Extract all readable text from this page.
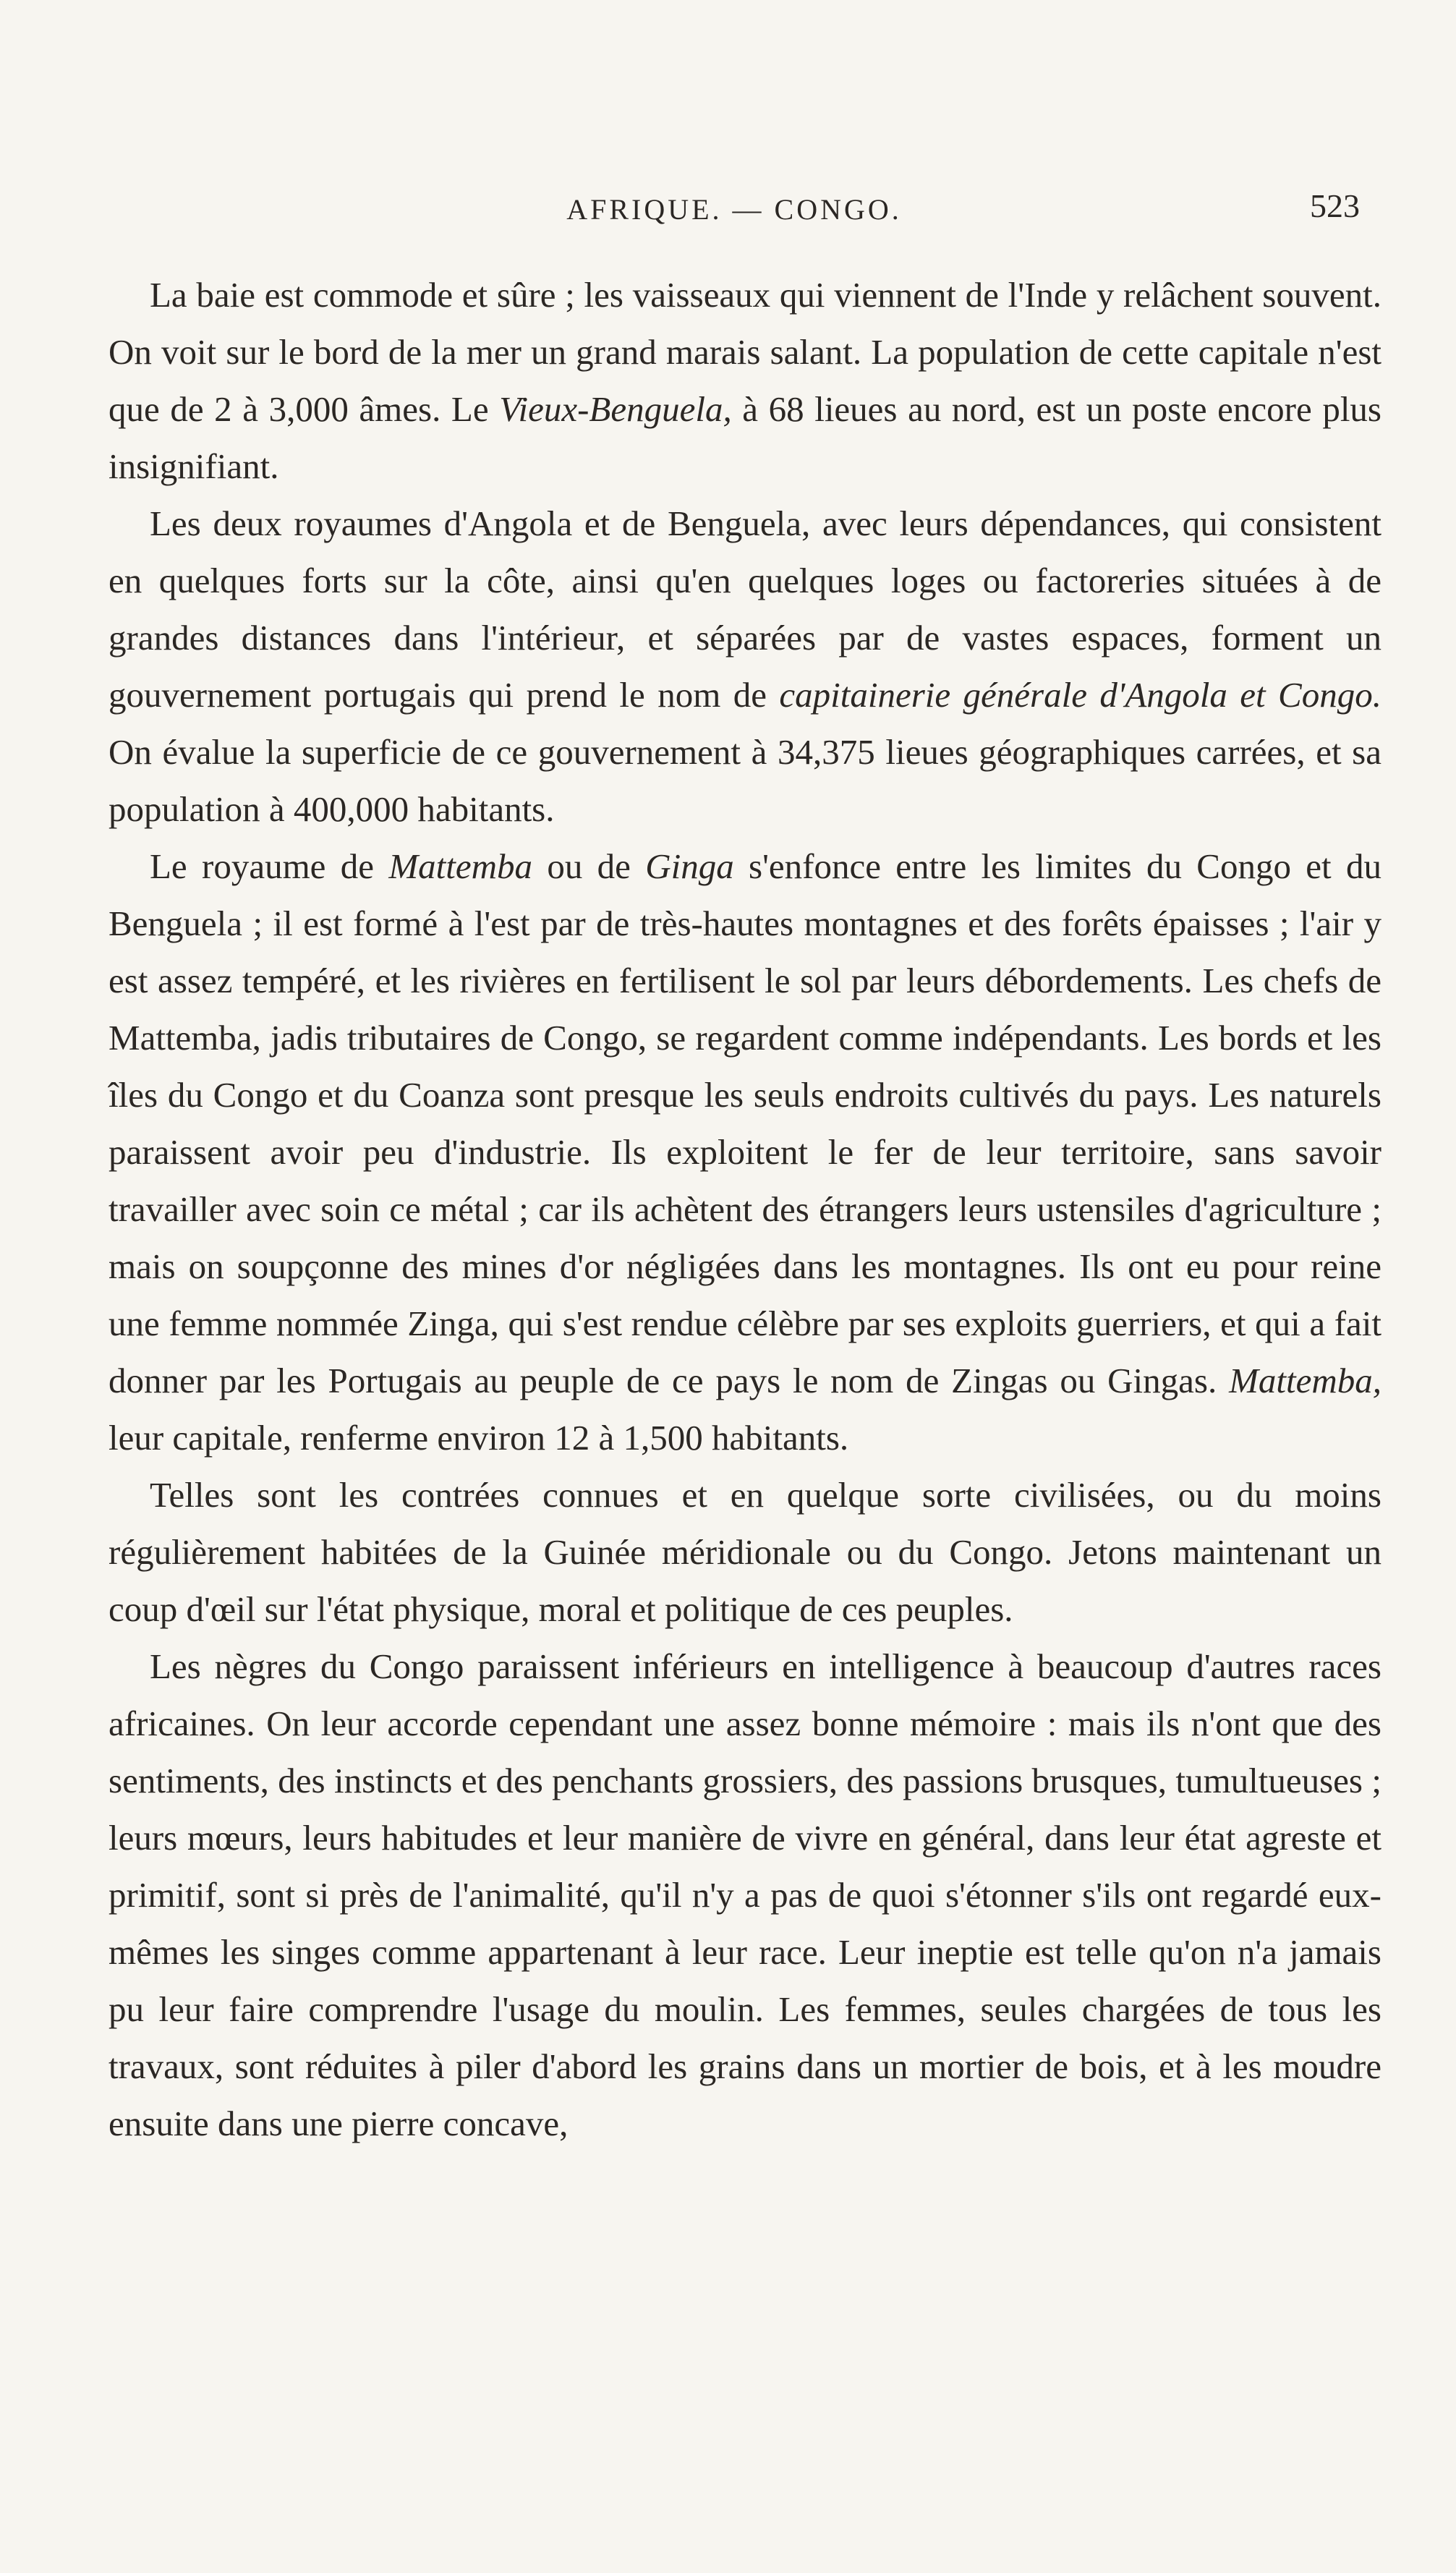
AFRIQUE. — CONGO.	523

La baie est commode et sûre ; les vaisseaux qui viennent de l'Inde y relâchent souvent. On voit sur le bord de la mer un grand marais salant. La population de cette capitale n'est que de 2 à 3,000 âmes. Le Vieux-Benguela, à 68 lieues au nord, est un poste encore plus insignifiant.

Les deux royaumes d'Angola et de Benguela, avec leurs dépendances, qui consistent en quelques forts sur la côte, ainsi qu'en quelques loges ou factoreries situées à de grandes distances dans l'intérieur, et séparées par de vastes espaces, forment un gouvernement portugais qui prend le nom de capitainerie générale d'Angola et Congo. On évalue la superficie de ce gouvernement à 34,375 lieues géographiques carrées, et sa population à 400,000 habitants.

Le royaume de Mattemba ou de Ginga s'enfonce entre les limites du Congo et du Benguela ; il est formé à l'est par de très-hautes montagnes et des forêts épaisses ; l'air y est assez tempéré, et les rivières en fertilisent le sol par leurs débordements. Les chefs de Mattemba, jadis tributaires de Congo, se regardent comme indépendants. Les bords et les îles du Congo et du Coanza sont presque les seuls endroits cultivés du pays. Les naturels paraissent avoir peu d'industrie. Ils exploitent le fer de leur territoire, sans savoir travailler avec soin ce métal ; car ils achètent des étrangers leurs ustensiles d'agriculture ; mais on soupçonne des mines d'or négligées dans les montagnes. Ils ont eu pour reine une femme nommée Zinga, qui s'est rendue célèbre par ses exploits guerriers, et qui a fait donner par les Portugais au peuple de ce pays le nom de Zingas ou Gingas. Mattemba, leur capitale, renferme environ 12 à 1,500 habitants.

Telles sont les contrées connues et en quelque sorte civilisées, ou du moins régulièrement habitées de la Guinée méridionale ou du Congo. Jetons maintenant un coup d'œil sur l'état physique, moral et politique de ces peuples.

Les nègres du Congo paraissent inférieurs en intelligence à beaucoup d'autres races africaines. On leur accorde cependant une assez bonne mémoire : mais ils n'ont que des sentiments, des instincts et des penchants grossiers, des passions brusques, tumultueuses ; leurs mœurs, leurs habitudes et leur manière de vivre en général, dans leur état agreste et primitif, sont si près de l'animalité, qu'il n'y a pas de quoi s'étonner s'ils ont regardé eux-mêmes les singes comme appartenant à leur race. Leur ineptie est telle qu'on n'a jamais pu leur faire comprendre l'usage du moulin. Les femmes, seules chargées de tous les travaux, sont réduites à piler d'abord les grains dans un mortier de bois, et à les moudre ensuite dans une pierre concave,
